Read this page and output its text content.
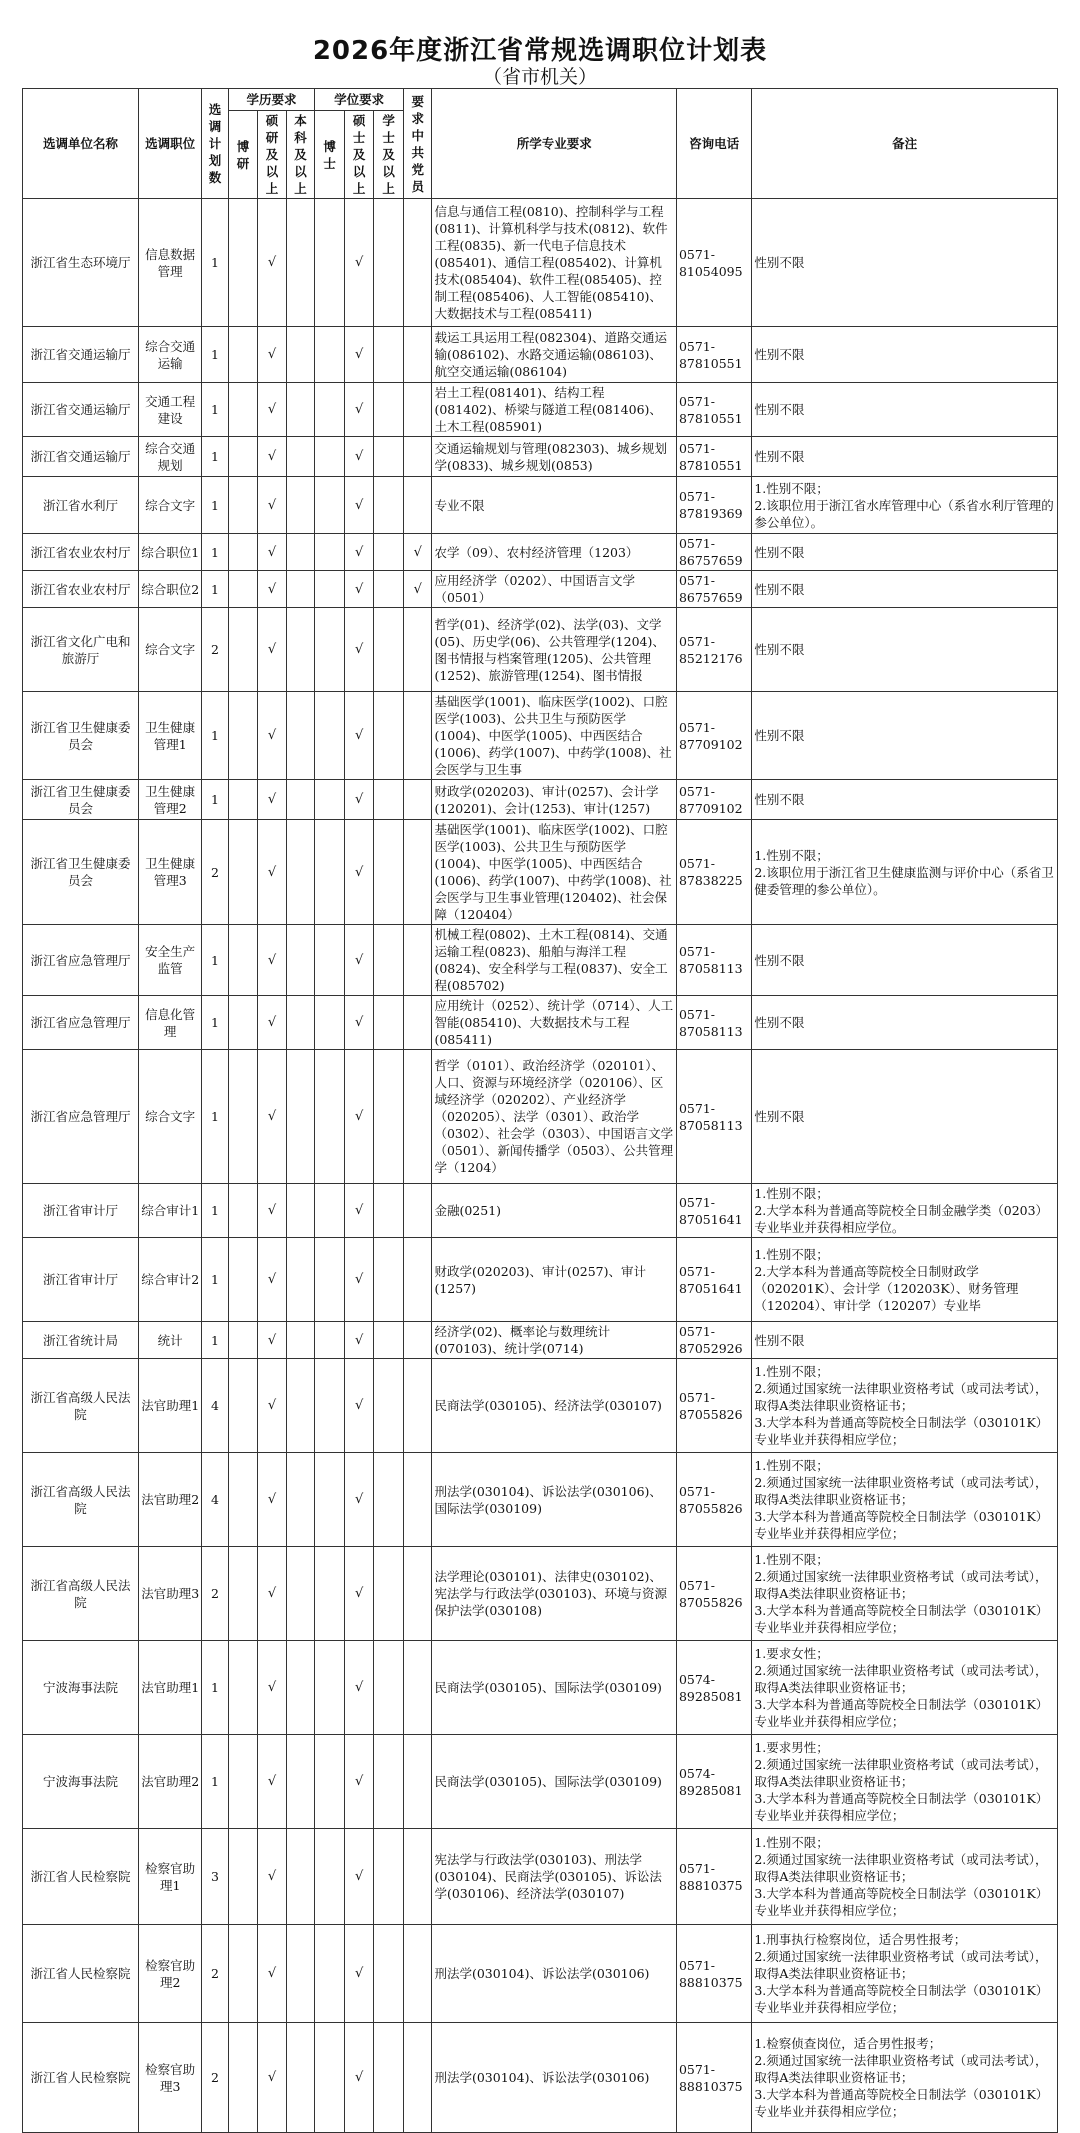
2026年度浙江省常规选调职位计划表
（省市机关）
选调单位名称	选调职位	选调计划数	学历要求			学位要求			要求中共党员	所学专业要求	咨询电话	备注
			博研	硕研及以上	本科及以上	博士	硕士及以上	学士及以上				
浙江省生态环境厅	信息数据管理	1		√			√			信息与通信工程(0810)、控制科学与工程(0811)、计算机科学与技术(0812)、软件工程(0835)、新一代电子信息技术(085401)、通信工程(085402)、计算机技术(085404)、软件工程(085405)、控制工程(085406)、人工智能(085410)、大数据技术与工程(085411)	0571-81054095	性别不限
浙江省交通运输厅	综合交通运输	1		√			√			载运工具运用工程(082304)、道路交通运输(086102)、水路交通运输(086103)、航空交通运输(086104)	0571-87810551	性别不限
浙江省交通运输厅	交通工程建设	1		√			√			岩土工程(081401)、结构工程(081402)、桥梁与隧道工程(081406)、土木工程(085901)	0571-87810551	性别不限
浙江省交通运输厅	综合交通规划	1		√			√			交通运输规划与管理(082303)、城乡规划学(0833)、城乡规划(0853)	0571-87810551	性别不限
浙江省水利厅	综合文字	1		√			√			专业不限	0571-87819369	1.性别不限；
2.该职位用于浙江省水库管理中心（系省水利厅管理的参公单位）。
浙江省农业农村厅	综合职位1	1		√			√		√	农学（09）、农村经济管理（1203）	0571-86757659	性别不限
浙江省农业农村厅	综合职位2	1		√			√		√	应用经济学（0202）、中国语言文学（0501）	0571-86757659	性别不限
浙江省文化广电和旅游厅	综合文字	2		√			√			哲学(01)、经济学(02)、法学(03)、文学(05)、历史学(06)、公共管理学(1204)、图书情报与档案管理(1205)、公共管理(1252)、旅游管理(1254)、图书情报	0571-85212176	性别不限
浙江省卫生健康委员会	卫生健康管理1	1		√			√			基础医学(1001)、临床医学(1002)、口腔医学(1003)、公共卫生与预防医学(1004)、中医学(1005)、中西医结合(1006)、药学(1007)、中药学(1008)、社会医学与卫生事	0571-87709102	性别不限
浙江省卫生健康委员会	卫生健康管理2	1		√			√			财政学(020203)、审计(0257)、会计学(120201)、会计(1253)、审计(1257)	0571-87709102	性别不限
浙江省卫生健康委员会	卫生健康管理3	2		√			√			基础医学(1001)、临床医学(1002)、口腔医学(1003)、公共卫生与预防医学(1004)、中医学(1005)、中西医结合(1006)、药学(1007)、中药学(1008)、社会医学与卫生事业管理(120402)、社会保障（120404）	0571-87838225	1.性别不限；
2.该职位用于浙江省卫生健康监测与评价中心（系省卫健委管理的参公单位）。
浙江省应急管理厅	安全生产监管	1		√			√			机械工程(0802)、土木工程(0814)、交通运输工程(0823)、船舶与海洋工程(0824)、安全科学与工程(0837)、安全工程(085702)	0571-87058113	性别不限
浙江省应急管理厅	信息化管理	1		√			√			应用统计（0252）、统计学（0714）、人工智能(085410)、大数据技术与工程(085411)	0571-87058113	性别不限
浙江省应急管理厅	综合文字	1		√			√			哲学（0101）、政治经济学（020101）、人口、资源与环境经济学（020106）、区域经济学（020202）、产业经济学（020205）、法学（0301）、政治学（0302）、社会学（0303）、中国语言文学（0501）、新闻传播学（0503）、公共管理学（1204）	0571-87058113	性别不限
浙江省审计厅	综合审计1	1		√			√			金融(0251)	0571-87051641	1.性别不限；
2.大学本科为普通高等院校全日制金融学类（0203）专业毕业并获得相应学位。
浙江省审计厅	综合审计2	1		√			√			财政学(020203)、审计(0257)、审计(1257)	0571-87051641	1.性别不限；
2.大学本科为普通高等院校全日制财政学（020201K）、会计学（120203K）、财务管理（120204）、审计学（120207）专业毕
浙江省统计局	统计	1		√			√			经济学(02)、概率论与数理统计(070103)、统计学(0714)	0571-87052926	性别不限
浙江省高级人民法院	法官助理1	4		√			√			民商法学(030105)、经济法学(030107)	0571-87055826	1.性别不限；
2.须通过国家统一法律职业资格考试（或司法考试），取得A类法律职业资格证书；
3.大学本科为普通高等院校全日制法学（030101K）专业毕业并获得相应学位；
浙江省高级人民法院	法官助理2	4		√			√			刑法学(030104)、诉讼法学(030106)、国际法学(030109)	0571-87055826	1.性别不限；
2.须通过国家统一法律职业资格考试（或司法考试），取得A类法律职业资格证书；
3.大学本科为普通高等院校全日制法学（030101K）专业毕业并获得相应学位；
浙江省高级人民法院	法官助理3	2		√			√			法学理论(030101)、法律史(030102)、宪法学与行政法学(030103)、环境与资源保护法学(030108)	0571-87055826	1.性别不限；
2.须通过国家统一法律职业资格考试（或司法考试），取得A类法律职业资格证书；
3.大学本科为普通高等院校全日制法学（030101K）专业毕业并获得相应学位；
宁波海事法院	法官助理1	1		√			√			民商法学(030105)、国际法学(030109)	0574-89285081	1.要求女性；
2.须通过国家统一法律职业资格考试（或司法考试），取得A类法律职业资格证书；
3.大学本科为普通高等院校全日制法学（030101K）专业毕业并获得相应学位；
宁波海事法院	法官助理2	1		√			√			民商法学(030105)、国际法学(030109)	0574-89285081	1.要求男性；
2.须通过国家统一法律职业资格考试（或司法考试），取得A类法律职业资格证书；
3.大学本科为普通高等院校全日制法学（030101K）专业毕业并获得相应学位；
浙江省人民检察院	检察官助理1	3		√			√			宪法学与行政法学(030103)、刑法学(030104)、民商法学(030105)、诉讼法学(030106)、经济法学(030107)	0571-88810375	1.性别不限；
2.须通过国家统一法律职业资格考试（或司法考试），取得A类法律职业资格证书；
3.大学本科为普通高等院校全日制法学（030101K）专业毕业并获得相应学位；
浙江省人民检察院	检察官助理2	2		√			√			刑法学(030104)、诉讼法学(030106)	0571-88810375	1.刑事执行检察岗位，适合男性报考；
2.须通过国家统一法律职业资格考试（或司法考试），取得A类法律职业资格证书；
3.大学本科为普通高等院校全日制法学（030101K）专业毕业并获得相应学位；
浙江省人民检察院	检察官助理3	2		√			√			刑法学(030104)、诉讼法学(030106)	0571-88810375	1.检察侦查岗位，适合男性报考；
2.须通过国家统一法律职业资格考试（或司法考试），取得A类法律职业资格证书；
3.大学本科为普通高等院校全日制法学（030101K）专业毕业并获得相应学位；
